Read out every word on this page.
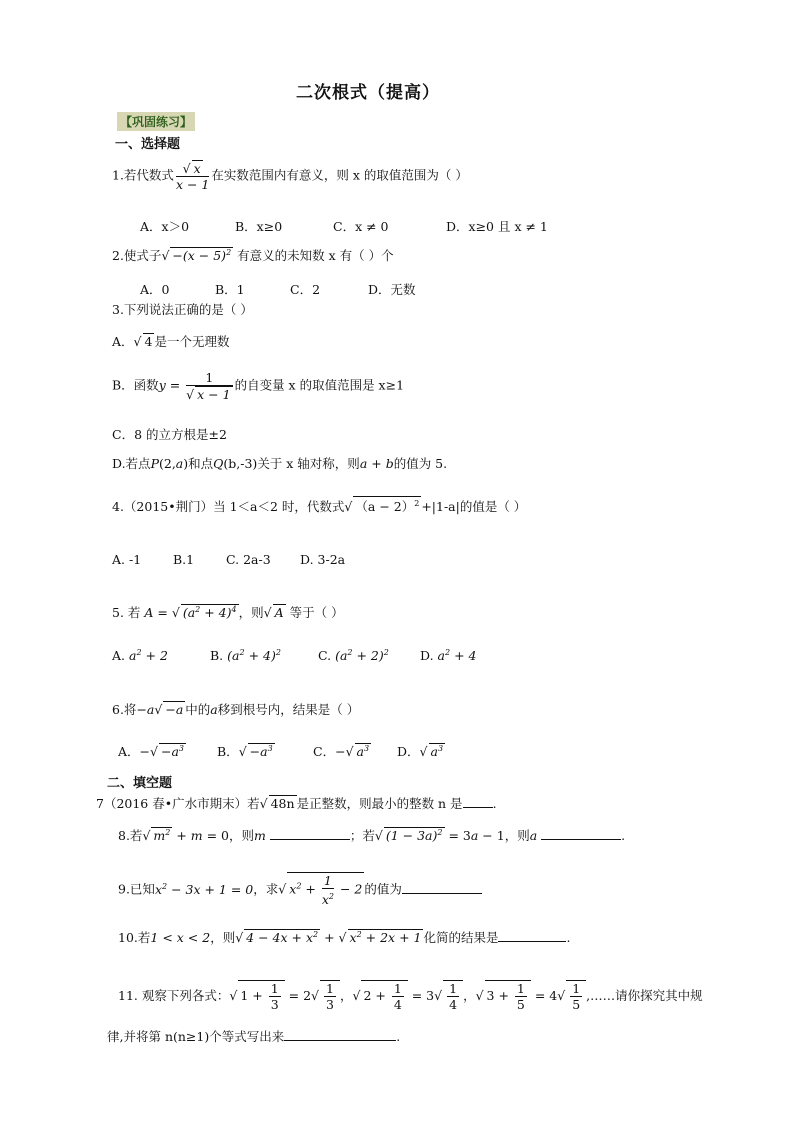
二次根式（提高）
【巩固练习】
一、选择题
1.若代数式 $\frac{√ x}{x - 1}$ 在实数范围内有意义，则 x 的取值范围为（ ）
A．x＞0	B．x≥0	C．x ≠ 0	D．x≥0 且 x ≠ 1
2.使式子√ $-(x - 5)^2$ 有意义的未知数 x 有（ ）个
A．0	B．1	C．2	D．无数
3.下列说法正确的是（ ）
A．√ 4 是一个无理数
B．函数$y = \frac{1}{√ x - 1}$ 的自变量 x 的取值范围是 x≥1
C．8 的立方根是±2
D.若点P(2,a)和点Q(b,-3)关于 x 轴对称，则a + b的值为 5.
4.（2015•荆门）当 1＜a＜2 时，代数式√ $(a - 2)^2 +|1-a|$的值是（ ）
A. -1	B.1	C. 2a-3 D. 3-2a
5. 若 A = √ $(a^2 + 4)^4$ ，则√ A 等于（ ）
A. $a^2 + 2$	B. $(a^2 + 4)^2$	C. $(a^2 + 2)^2$ D. $a^2 + 4$
6.将−a√ −a 中的a移到根号内，结果是（ ）
A．−√ $-a^3$	B．√ $-a^3$	C．−√ $a^3$ D．√ $a^3$
二、填空题
7（2016 春•广水市期末）若√ 48n 是正整数，则最小的整数 n 是 .
8.若√ $m^2 + m = 0$，则m	；若√ $(1 - 3a)^2 = 3a - 1$，则a	.
9.已知$x^2 - 3x + 1 = 0$，求√ $x^2 + \frac{1}{x^2} - 2$ 的值为
10.若1 < x < 2，则√ $4 - 4x + x^2$ + √ $x^2 + 2x + 1$ 化简的结果是	.
11. 观察下列各式：√ $1 + \frac{1}{3} = 2√ \frac{1}{3}$ ，√ $2 + \frac{1}{4} = 3√ \frac{1}{4}$ ，√ $3 + \frac{1}{5} = 4√ \frac{1}{5}$ ,……请你探究其中规
律,并将第 n(n≥1)个等式写出来	.
